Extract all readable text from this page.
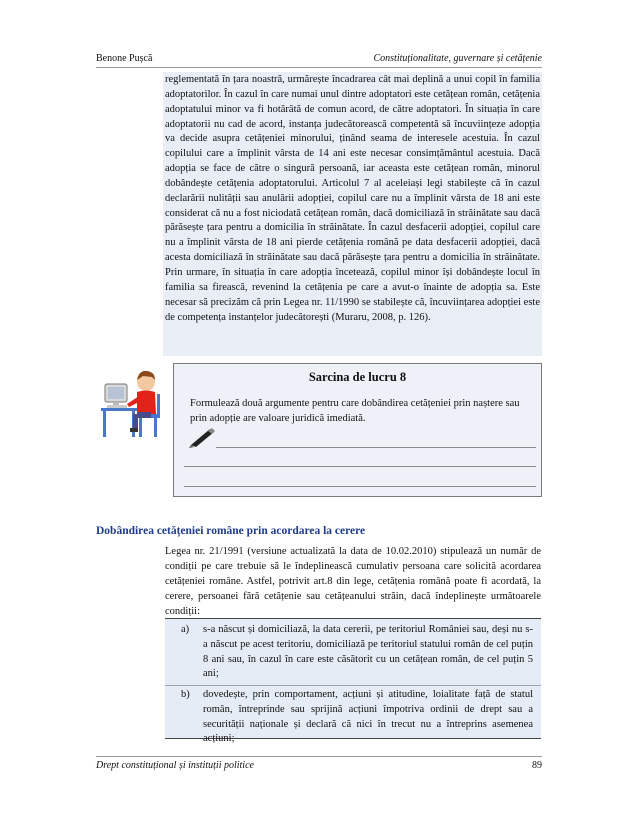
Benone Pușcă	Constituționalitate, guvernare și cetățenie

reglementată în țara noastră, urmărește încadrarea cât mai deplină a unui copil în familia adoptatorilor. În cazul în care numai unul dintre adoptatori este cetățean român, cetățenia adoptatului minor va fi hotărâtă de comun acord, de către adoptatori. În situația în care adoptatorii nu cad de acord, instanța judecătorească competentă să încuviințeze adopția va decide asupra cetățeniei minorului, ținând seama de interesele acestuia. În cazul copilului care a împlinit vârsta de 14 ani este necesar consimțământul acestuia. Dacă adopția se face de către o singură persoană, iar aceasta este cetățean român, minorul dobândește cetățenia adoptatorului. Articolul 7 al aceleiași legi stabilește că în cazul declarării nulității sau anulării adopției, copilul care nu a împlinit vârsta de 18 ani este considerat că nu a fost niciodată cetățean român, dacă domiciliază în străinătate sau dacă părăsește țara pentru a domicilia în străinătate. În cazul desfacerii adopției, copilul care nu a împlinit vârsta de 18 ani pierde cetățenia română pe data desfacerii adopției, dacă acesta domiciliază în străinătate sau dacă părăsește țara pentru a domicilia în străinătate. Prin urmare, în situația în care adopția încetează, copilul minor își dobândește locul în familia sa firească, revenind la cetățenia pe care a avut-o înainte de adopția sa. Este necesar să precizăm că prin Legea nr. 11/1990 se stabilește că, încuviințarea adopției este de competența instanțelor judecătorești (Muraru, 2008, p. 126).

Sarcina de lucru 8

Formulează două argumente pentru care dobândirea cetățeniei prin naștere sau prin adopție are valoare juridică imediată.

Dobândirea cetățeniei române prin acordarea la cerere

Legea nr. 21/1991 (versiune actualizată la data de 10.02.2010) stipulează un număr de condiții pe care trebuie să le îndeplinească cumulativ persoana care solicită acordarea cetățeniei române. Astfel, potrivit art.8 din lege, cetățenia română poate fi acordată, la cerere, persoanei fără cetățenie sau cetățeanului străin, dacă îndeplinește următoarele condiții:

a) s-a născut și domiciliază, la data cererii, pe teritoriul României sau, deși nu s-a născut pe acest teritoriu, domiciliază pe teritoriul statului român de cel puțin 8 ani sau, în cazul în care este căsătorit cu un cetățean român, de cel puțin 5 ani;
b) dovedește, prin comportament, acțiuni și atitudine, loialitate față de statul român, întreprinde sau sprijină acțiuni împotriva ordinii de drept sau a securității naționale și declară că nici în trecut nu a întreprins asemenea acțiuni;
Drept constituțional și instituții politice	89
